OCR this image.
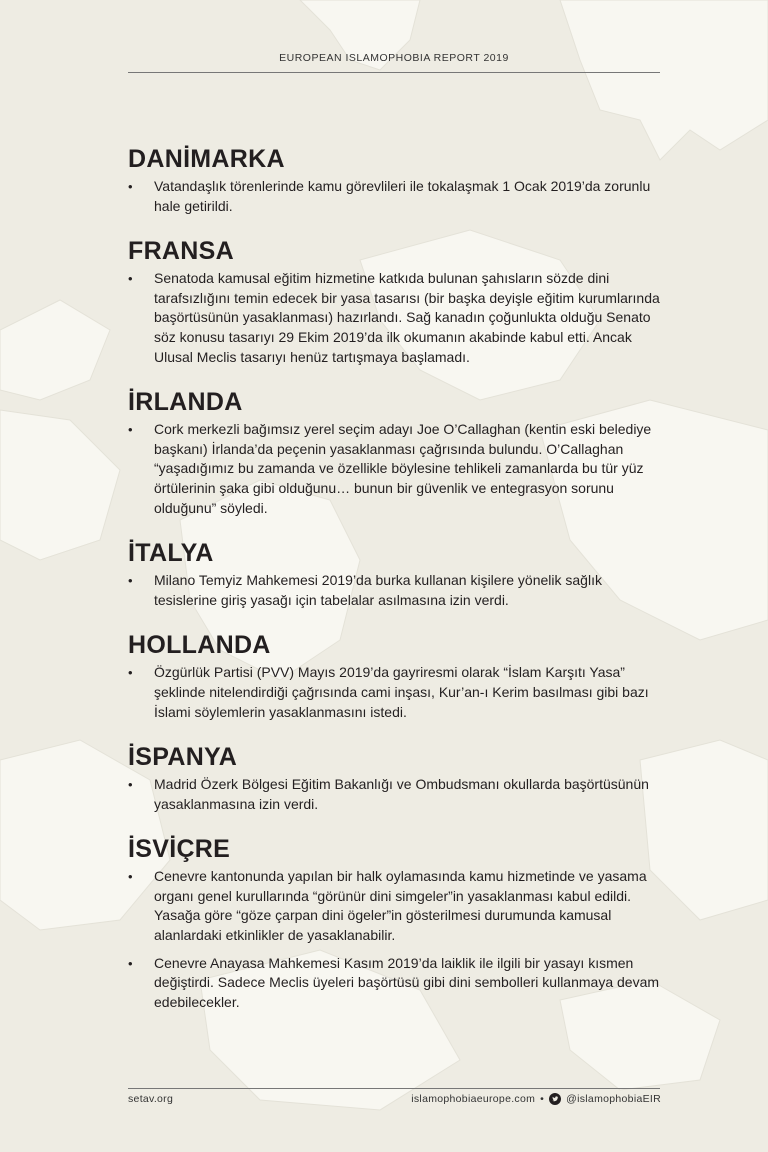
EUROPEAN ISLAMOPHOBIA REPORT 2019
DANİMARKA
• Vatandaşlık törenlerinde kamu görevlileri ile tokalaşmak 1 Ocak 2019’da zorunlu hale getirildi.
FRANSA
• Senatoda kamusal eğitim hizmetine katkıda bulunan şahısların sözde dini tarafsızlığını temin edecek bir yasa tasarısı (bir başka deyişle eğitim kurumlarında başörtüsünün yasaklanması) hazırlandı. Sağ kanadın çoğunlukta olduğu Senato söz konusu tasarıyı 29 Ekim 2019’da ilk okumanın akabinde kabul etti. Ancak Ulusal Meclis tasarıyı henüz tartışmaya başlamadı.
İRLANDA
• Cork merkezli bağımsız yerel seçim adayı Joe O’Callaghan (kentin eski belediye başkanı) İrlanda’da peçenin yasaklanması çağrısında bulundu. O’Callaghan “yaşadığımız bu zamanda ve özellikle böylesine tehlikeli zamanlarda bu tür yüz örtülerinin şaka gibi olduğunu… bunun bir güvenlik ve entegrasyon sorunu olduğunu” söyledi.
İTALYA
• Milano Temyiz Mahkemesi 2019’da burka kullanan kişilere yönelik sağlık tesislerine giriş yasağı için tabelalar asılmasına izin verdi.
HOLLANDA
• Özgürlük Partisi (PVV) Mayıs 2019’da gayriresmi olarak “İslam Karşıtı Yasa” şeklinde nitelendirdiği çağrısında cami inşası, Kur’an-ı Kerim basılması gibi bazı İslami söylemlerin yasaklanmasını istedi.
İSPANYA
• Madrid Özerk Bölgesi Eğitim Bakanlığı ve Ombudsmanı okullarda başörtüsünün yasaklanmasına izin verdi.
İSVİÇRE
• Cenevre kantonunda yapılan bir halk oylamasında kamu hizmetinde ve yasama organı genel kurullarında “görünür dini simgeler”in yasaklanması kabul edildi. Yasağa göre “göze çarpan dini ögeler”in gösterilmesi durumunda kamusal alanlardaki etkinlikler de yasaklanabilir.
• Cenevre Anayasa Mahkemesi Kasım 2019’da laiklik ile ilgili bir yasayı kısmen değiştirdi. Sadece Meclis üyeleri başörtüsü gibi dini sembolleri kullanmaya devam edebilecekler.
setav.org	islamophobiaeurope.com • @islamophobiaEIR
